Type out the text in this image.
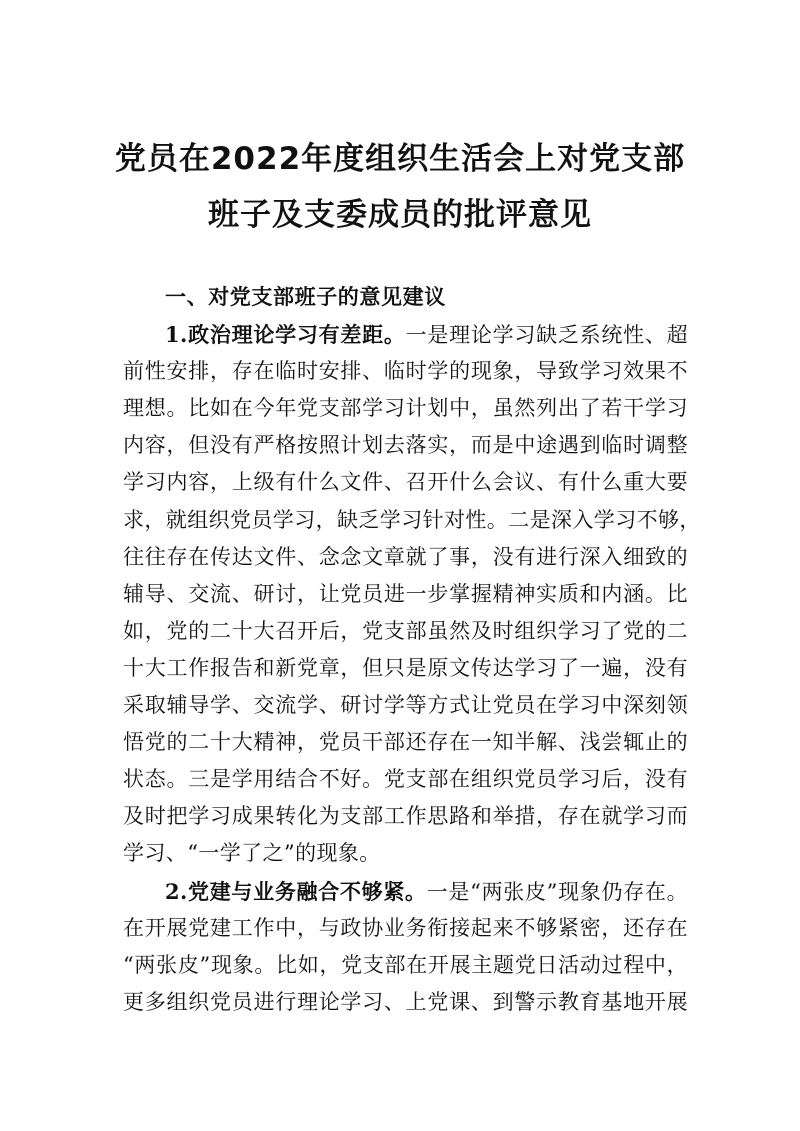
党员在2022年度组织生活会上对党支部
班子及支委成员的批评意见
一、对党支部班子的意见建议
1.政治理论学习有差距。一是理论学习缺乏系统性、超
前性安排，存在临时安排、临时学的现象，导致学习效果不
理想。比如在今年党支部学习计划中，虽然列出了若干学习
内容，但没有严格按照计划去落实，而是中途遇到临时调整
学习内容，上级有什么文件、召开什么会议、有什么重大要
求，就组织党员学习，缺乏学习针对性。二是深入学习不够，
往往存在传达文件、念念文章就了事，没有进行深入细致的
辅导、交流、研讨，让党员进一步掌握精神实质和内涵。比
如，党的二十大召开后，党支部虽然及时组织学习了党的二
十大工作报告和新党章，但只是原文传达学习了一遍，没有
采取辅导学、交流学、研讨学等方式让党员在学习中深刻领
悟党的二十大精神，党员干部还存在一知半解、浅尝辄止的
状态。三是学用结合不好。党支部在组织党员学习后，没有
及时把学习成果转化为支部工作思路和举措，存在就学习而
学习、“一学了之”的现象。
2.党建与业务融合不够紧。一是“两张皮”现象仍存在。
在开展党建工作中，与政协业务衔接起来不够紧密，还存在
“两张皮”现象。比如，党支部在开展主题党日活动过程中，
更多组织党员进行理论学习、上党课、到警示教育基地开展
